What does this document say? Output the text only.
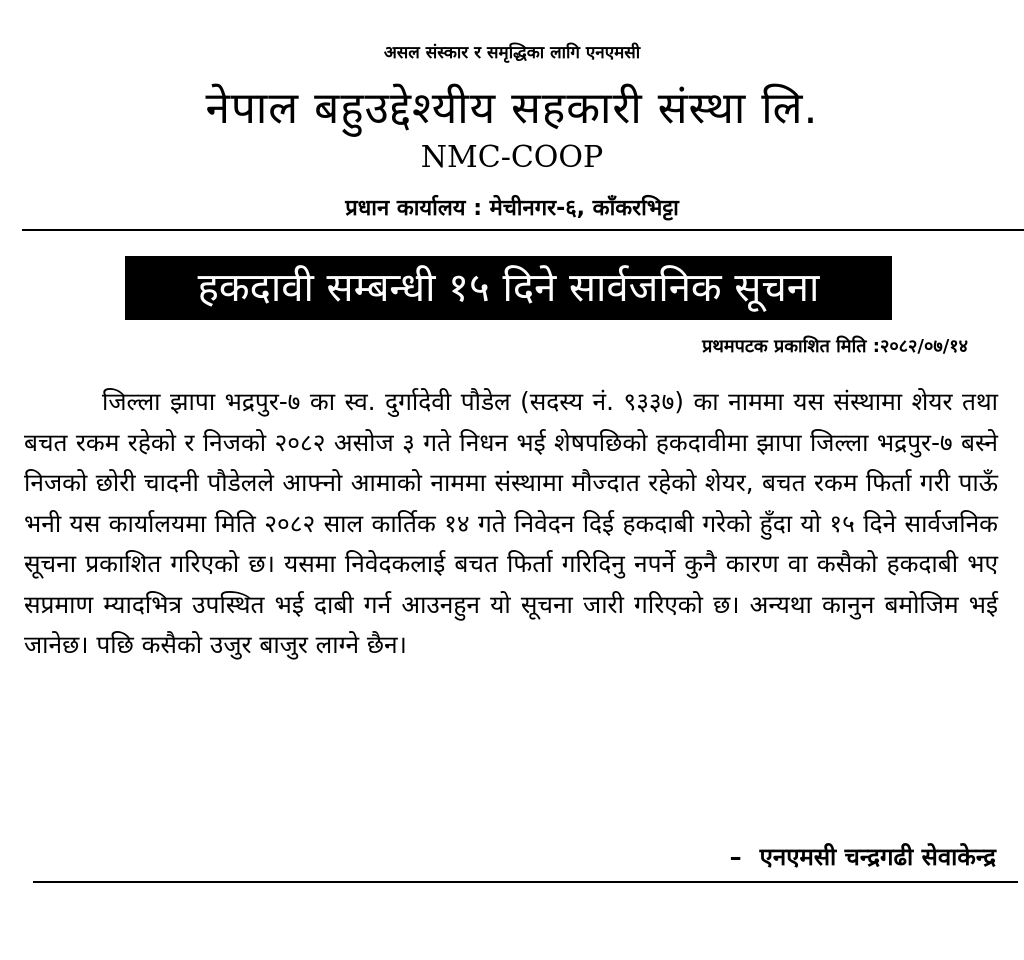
असल संस्कार र समृद्धिका लागि एनएमसी
नेपाल बहुउद्देश्यीय सहकारी संस्था लि.
NMC-COOP
प्रधान कार्यालय : मेचीनगर-६, काँकरभिट्टा
हकदावी सम्बन्धी १५ दिने सार्वजनिक सूचना
प्रथमपटक प्रकाशित मिति :२०८२/०७/१४

जिल्ला झापा भद्रपुर-७ का स्व. दुर्गादेवी पौडेल (सदस्य नं. ९३३७) का नाममा यस संस्थामा शेयर तथा बचत रकम रहेको र निजको २०८२ असोज ३ गते निधन भई शेषपछिको हकदावीमा झापा जिल्ला भद्रपुर-७ बस्ने निजको छोरी चादनी पौडेलले आफ्नो आमाको नाममा संस्थामा मौज्दात रहेको शेयर, बचत रकम फिर्ता गरी पाऊँ भनी यस कार्यालयमा मिति २०८२ साल कार्तिक १४ गते निवेदन दिई हकदाबी गरेको हुँदा यो १५ दिने सार्वजनिक सूचना प्रकाशित गरिएको छ। यसमा निवेदकलाई बचत फिर्ता गरिदिनु नपर्ने कुनै कारण वा कसैको हकदाबी भए सप्रमाण म्यादभित्र उपस्थित भई दाबी गर्न आउनहुन यो सूचना जारी गरिएको छ। अन्यथा कानुन बमोजिम भई जानेछ। पछि कसैको उजुर बाजुर लाग्ने छैन।

– एनएमसी चन्द्रगढी सेवाकेन्द्र
